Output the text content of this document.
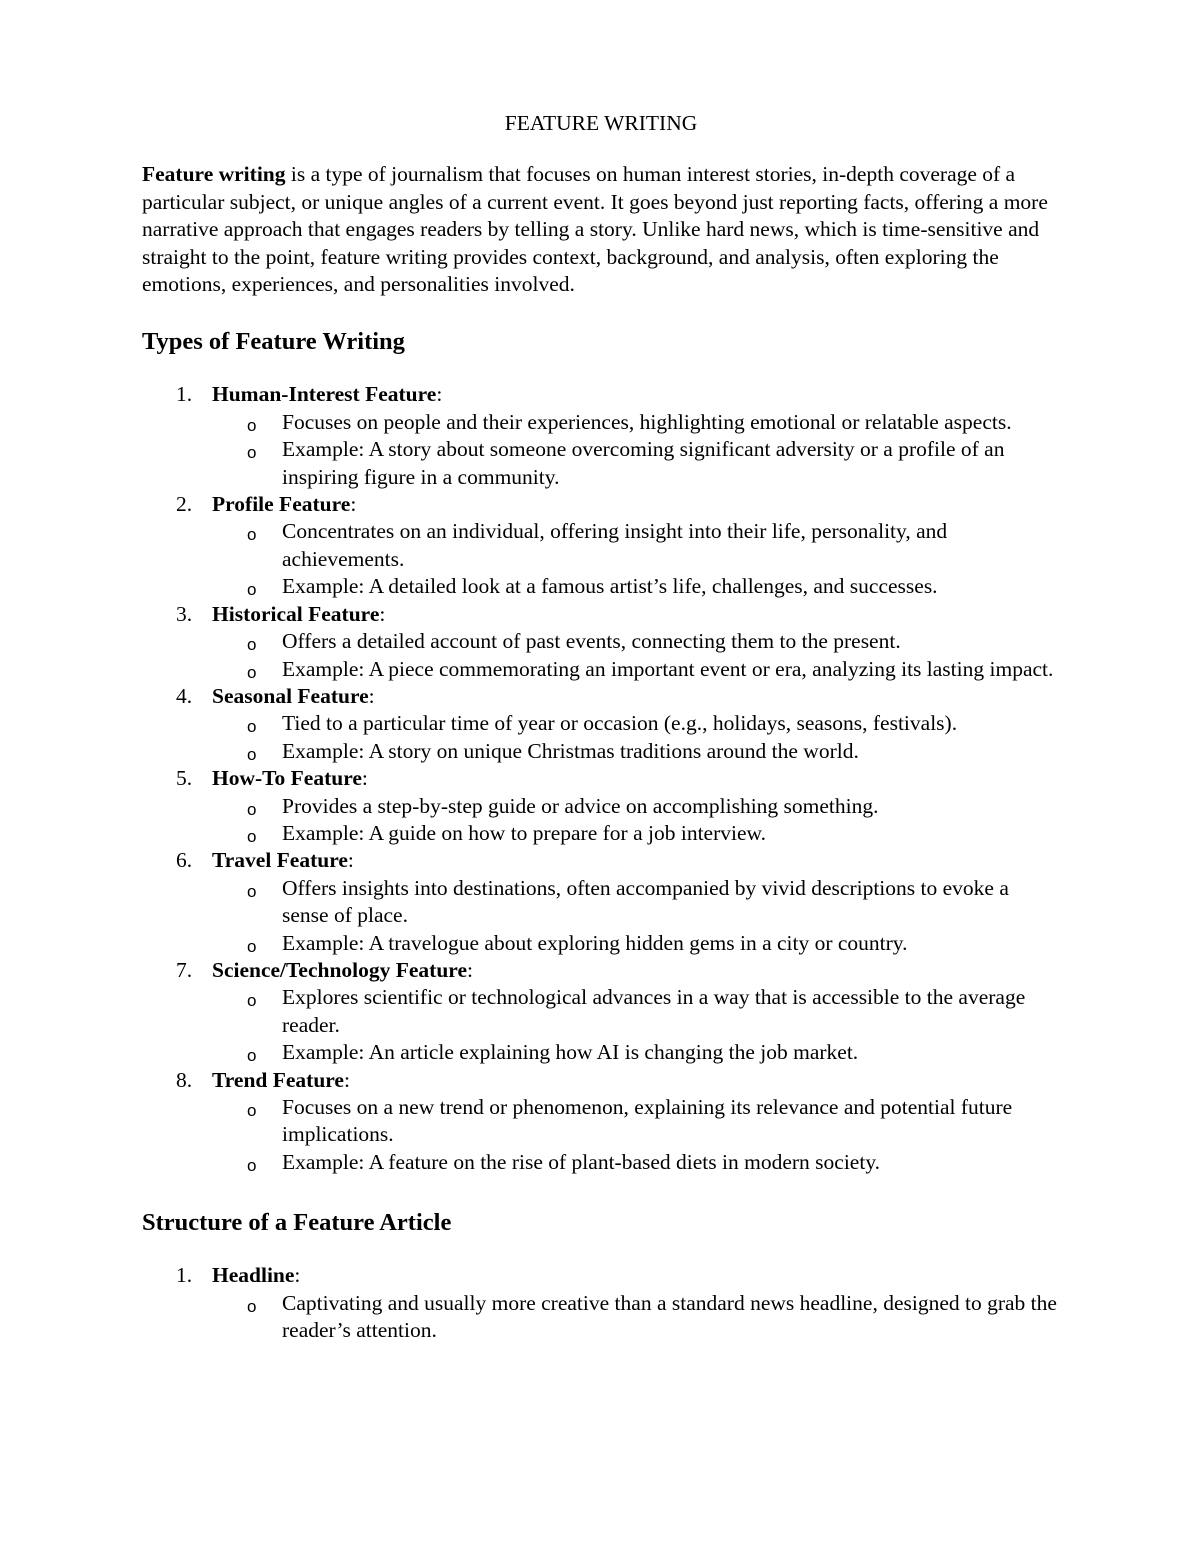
FEATURE WRITING

Feature writing is a type of journalism that focuses on human interest stories, in-depth coverage of a particular subject, or unique angles of a current event. It goes beyond just reporting facts, offering a more narrative approach that engages readers by telling a story. Unlike hard news, which is time-sensitive and straight to the point, feature writing provides context, background, and analysis, often exploring the emotions, experiences, and personalities involved.

Types of Feature Writing
1. Human-Interest Feature:
o Focuses on people and their experiences, highlighting emotional or relatable aspects.
o Example: A story about someone overcoming significant adversity or a profile of an inspiring figure in a community.
2. Profile Feature:
o Concentrates on an individual, offering insight into their life, personality, and achievements.
o Example: A detailed look at a famous artist’s life, challenges, and successes.
3. Historical Feature:
o Offers a detailed account of past events, connecting them to the present.
o Example: A piece commemorating an important event or era, analyzing its lasting impact.
4. Seasonal Feature:
o Tied to a particular time of year or occasion (e.g., holidays, seasons, festivals).
o Example: A story on unique Christmas traditions around the world.
5. How-To Feature:
o Provides a step-by-step guide or advice on accomplishing something.
o Example: A guide on how to prepare for a job interview.
6. Travel Feature:
o Offers insights into destinations, often accompanied by vivid descriptions to evoke a sense of place.
o Example: A travelogue about exploring hidden gems in a city or country.
7. Science/Technology Feature:
o Explores scientific or technological advances in a way that is accessible to the average reader.
o Example: An article explaining how AI is changing the job market.
8. Trend Feature:
o Focuses on a new trend or phenomenon, explaining its relevance and potential future implications.
o Example: A feature on the rise of plant-based diets in modern society.
Structure of a Feature Article
1. Headline:
o Captivating and usually more creative than a standard news headline, designed to grab the reader’s attention.
